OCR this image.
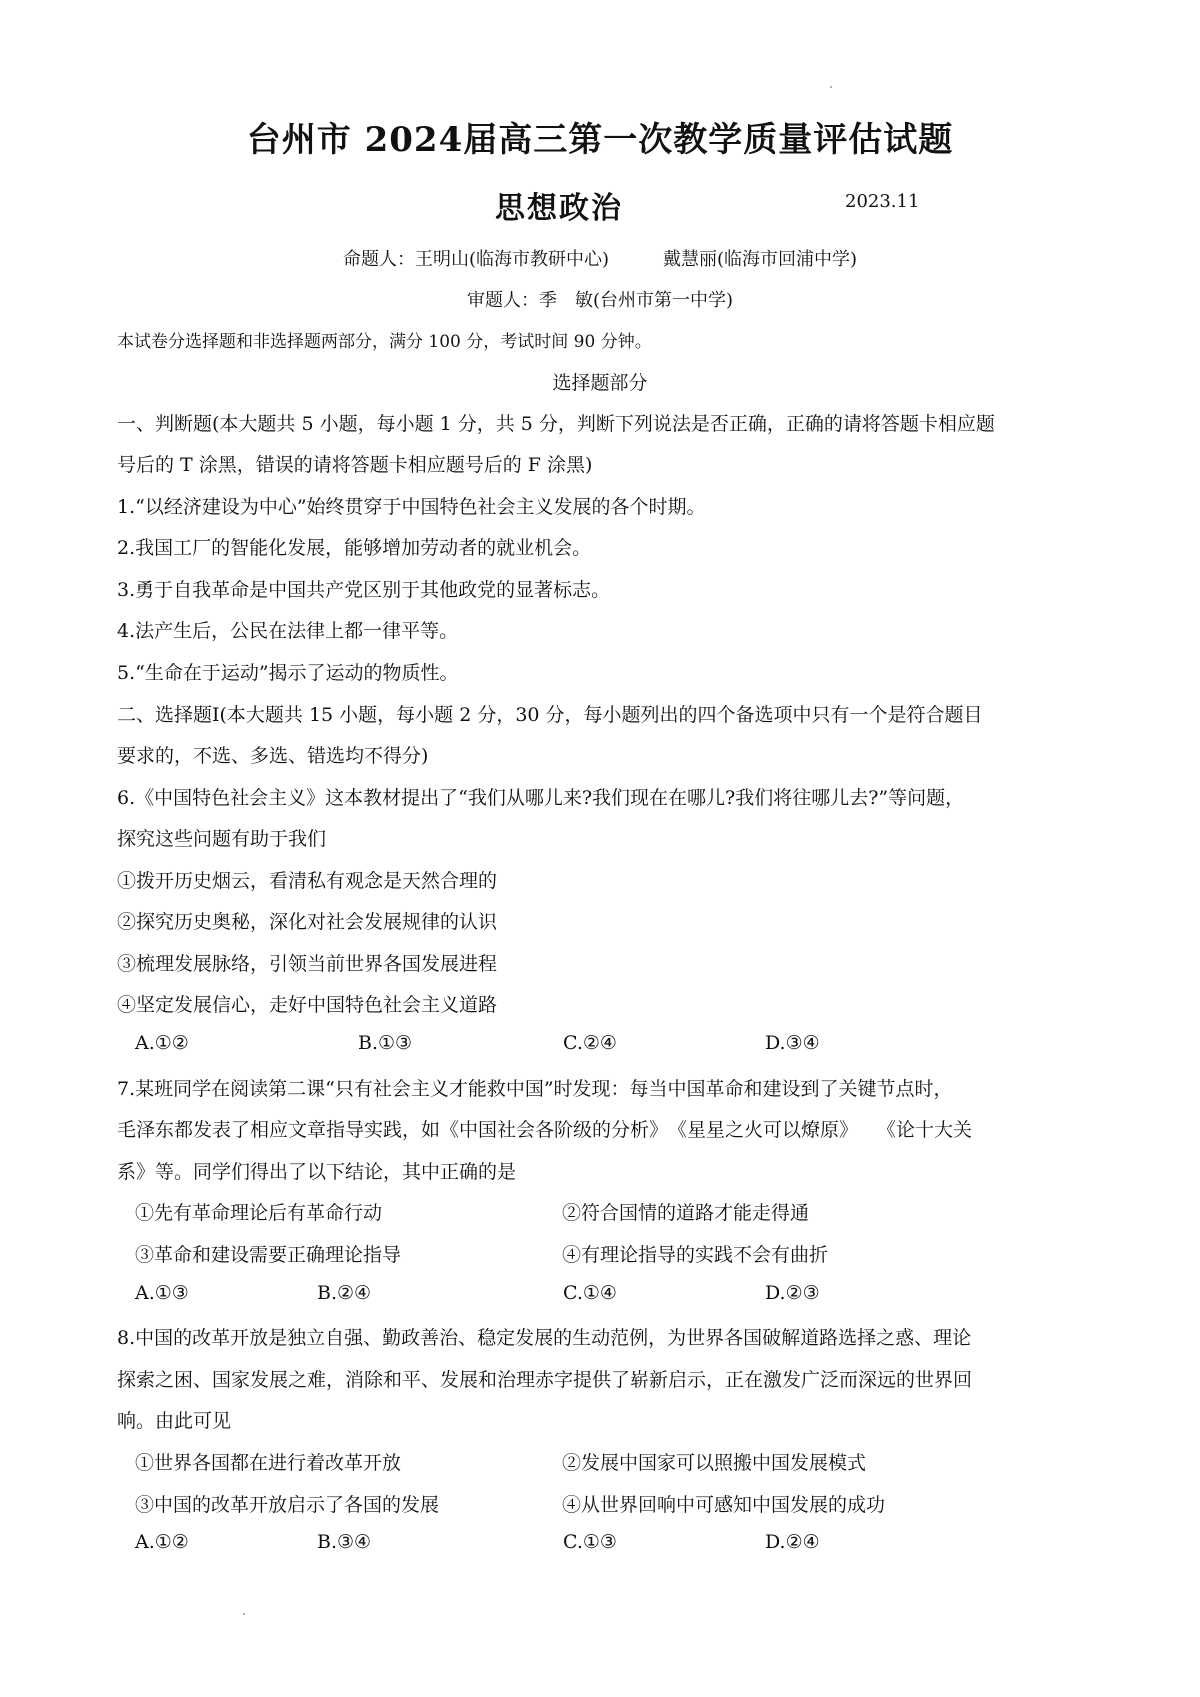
台州市 2024届高三第一次教学质量评估试题
思想政治	2023.11
命题人：王明山(临海市教研中心)　　　戴慧丽(临海市回浦中学)
审题人：季　敏(台州市第一中学)
本试卷分选择题和非选择题两部分，满分 100 分，考试时间 90 分钟。
选择题部分
一、判断题(本大题共 5 小题，每小题 1 分，共 5 分，判断下列说法是否正确，正确的请将答题卡相应题
号后的 T 涂黑，错误的请将答题卡相应题号后的 F 涂黑)
1.“以经济建设为中心”始终贯穿于中国特色社会主义发展的各个时期。
2.我国工厂的智能化发展，能够增加劳动者的就业机会。
3.勇于自我革命是中国共产党区别于其他政党的显著标志。
4.法产生后，公民在法律上都一律平等。
5.“生命在于运动”揭示了运动的物质性。
二、选择题Ⅰ(本大题共 15 小题，每小题 2 分，30 分，每小题列出的四个备选项中只有一个是符合题目
要求的，不选、多选、错选均不得分)
6.《中国特色社会主义》这本教材提出了“我们从哪儿来?我们现在在哪儿?我们将往哪儿去?”等问题，
探究这些问题有助于我们
①拨开历史烟云，看清私有观念是天然合理的
②探究历史奥秘，深化对社会发展规律的认识
③梳理发展脉络，引领当前世界各国发展进程
④坚定发展信心，走好中国特色社会主义道路
A.①②	B.①③	C.②④	D.③④
7.某班同学在阅读第二课“只有社会主义才能救中国”时发现：每当中国革命和建设到了关键节点时，
毛泽东都发表了相应文章指导实践，如《中国社会各阶级的分析》　《星星之火可以燎原》　　《论十大关
系》等。同学们得出了以下结论，其中正确的是
①先有革命理论后有革命行动	②符合国情的道路才能走得通
③革命和建设需要正确理论指导	④有理论指导的实践不会有曲折
A.①③	B.②④	C.①④	D.②③
8.中国的改革开放是独立自强、勤政善治、稳定发展的生动范例，为世界各国破解道路选择之惑、理论
探索之困、国家发展之难，消除和平、发展和治理赤字提供了崭新启示，正在激发广泛而深远的世界回
响。由此可见
①世界各国都在进行着改革开放	②发展中国家可以照搬中国发展模式
③中国的改革开放启示了各国的发展	④从世界回响中可感知中国发展的成功
A.①②	B.③④	C.①③	D.②④
